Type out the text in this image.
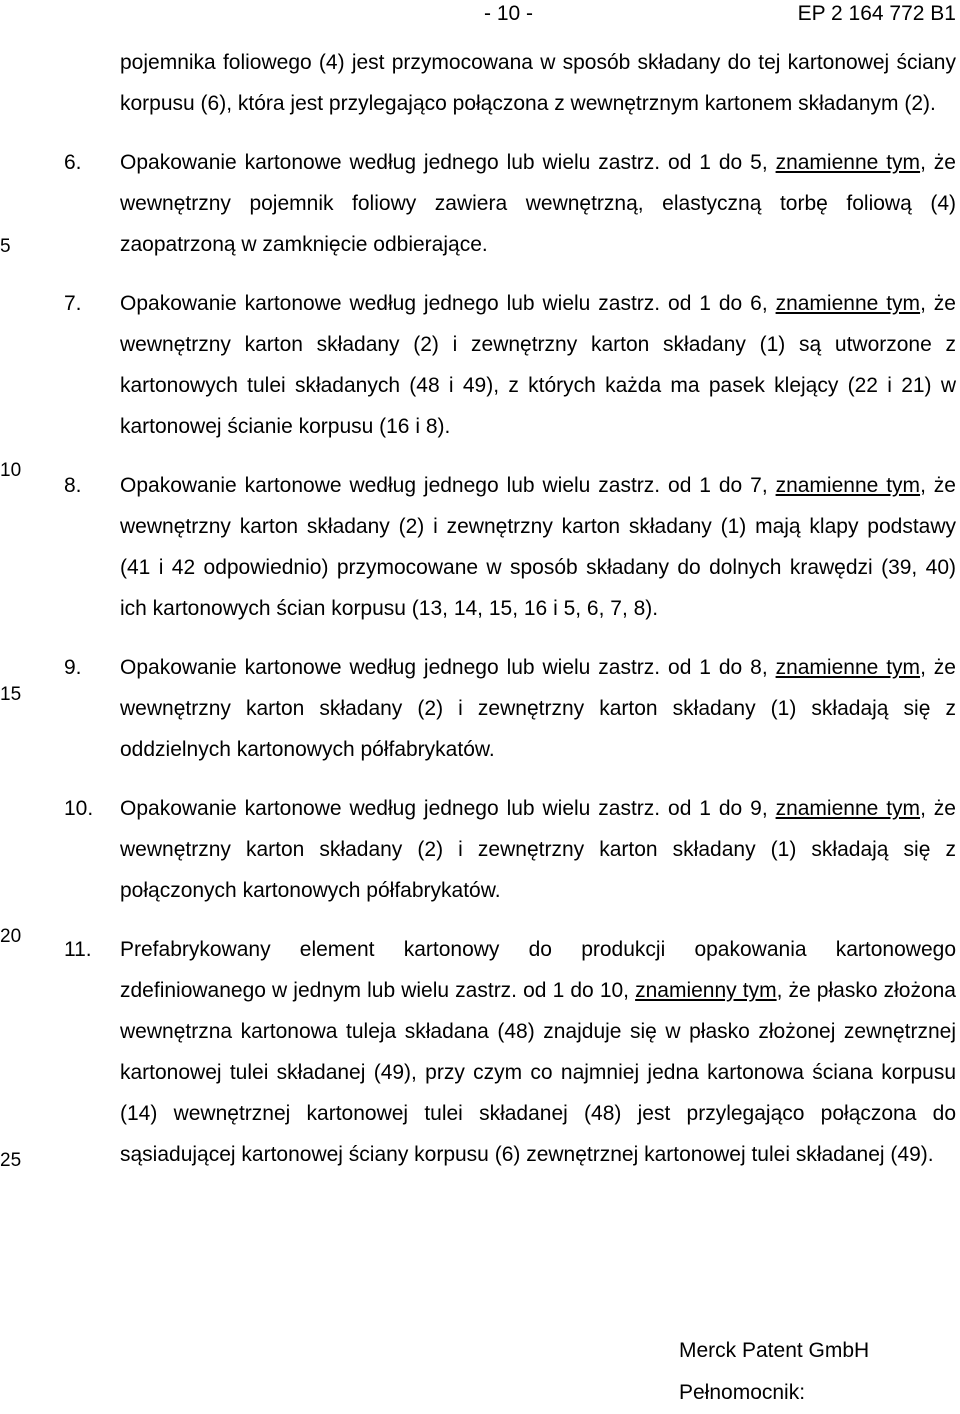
- 10 -	EP 2 164 772 B1
5
10
15
20
25
pojemnika foliowego (4) jest przymocowana w sposób składany do tej kartonowej ściany korpusu (6), która jest przylegająco połączona z wewnętrznym kartonem składanym (2).
6. Opakowanie kartonowe według jednego lub wielu zastrz. od 1 do 5, znamienne tym, że wewnętrzny pojemnik foliowy zawiera wewnętrzną, elastyczną torbę foliową (4) zaopatrzoną w zamknięcie odbierające.
7. Opakowanie kartonowe według jednego lub wielu zastrz. od 1 do 6, znamienne tym, że wewnętrzny karton składany (2) i zewnętrzny karton składany (1) są utworzone z kartonowych tulei składanych (48 i 49), z których każda ma pasek klejący (22 i 21) w kartonowej ścianie korpusu (16 i 8).
8. Opakowanie kartonowe według jednego lub wielu zastrz. od 1 do 7, znamienne tym, że wewnętrzny karton składany (2) i zewnętrzny karton składany (1) mają klapy podstawy (41 i 42 odpowiednio) przymocowane w sposób składany do dolnych krawędzi (39, 40) ich kartonowych ścian korpusu (13, 14, 15, 16 i 5, 6, 7, 8).
9. Opakowanie kartonowe według jednego lub wielu zastrz. od 1 do 8, znamienne tym, że wewnętrzny karton składany (2) i zewnętrzny karton składany (1) składają się z oddzielnych kartonowych półfabrykatów.
10. Opakowanie kartonowe według jednego lub wielu zastrz. od 1 do 9, znamienne tym, że wewnętrzny karton składany (2) i zewnętrzny karton składany (1) składają się z połączonych kartonowych półfabrykatów.
11. Prefabrykowany element kartonowy do produkcji opakowania kartonowego zdefiniowanego w jednym lub wielu zastrz. od 1 do 10, znamienny tym, że płasko złożona wewnętrzna kartonowa tuleja składana (48) znajduje się w płasko złożonej zewnętrznej kartonowej tulei składanej (49), przy czym co najmniej jedna kartonowa ściana korpusu (14) wewnętrznej kartonowej tulei składanej (48) jest przylegająco połączona do sąsiadującej kartonowej ściany korpusu (6) zewnętrznej kartonowej tulei składanej (49).
Merck Patent GmbH
Pełnomocnik:
